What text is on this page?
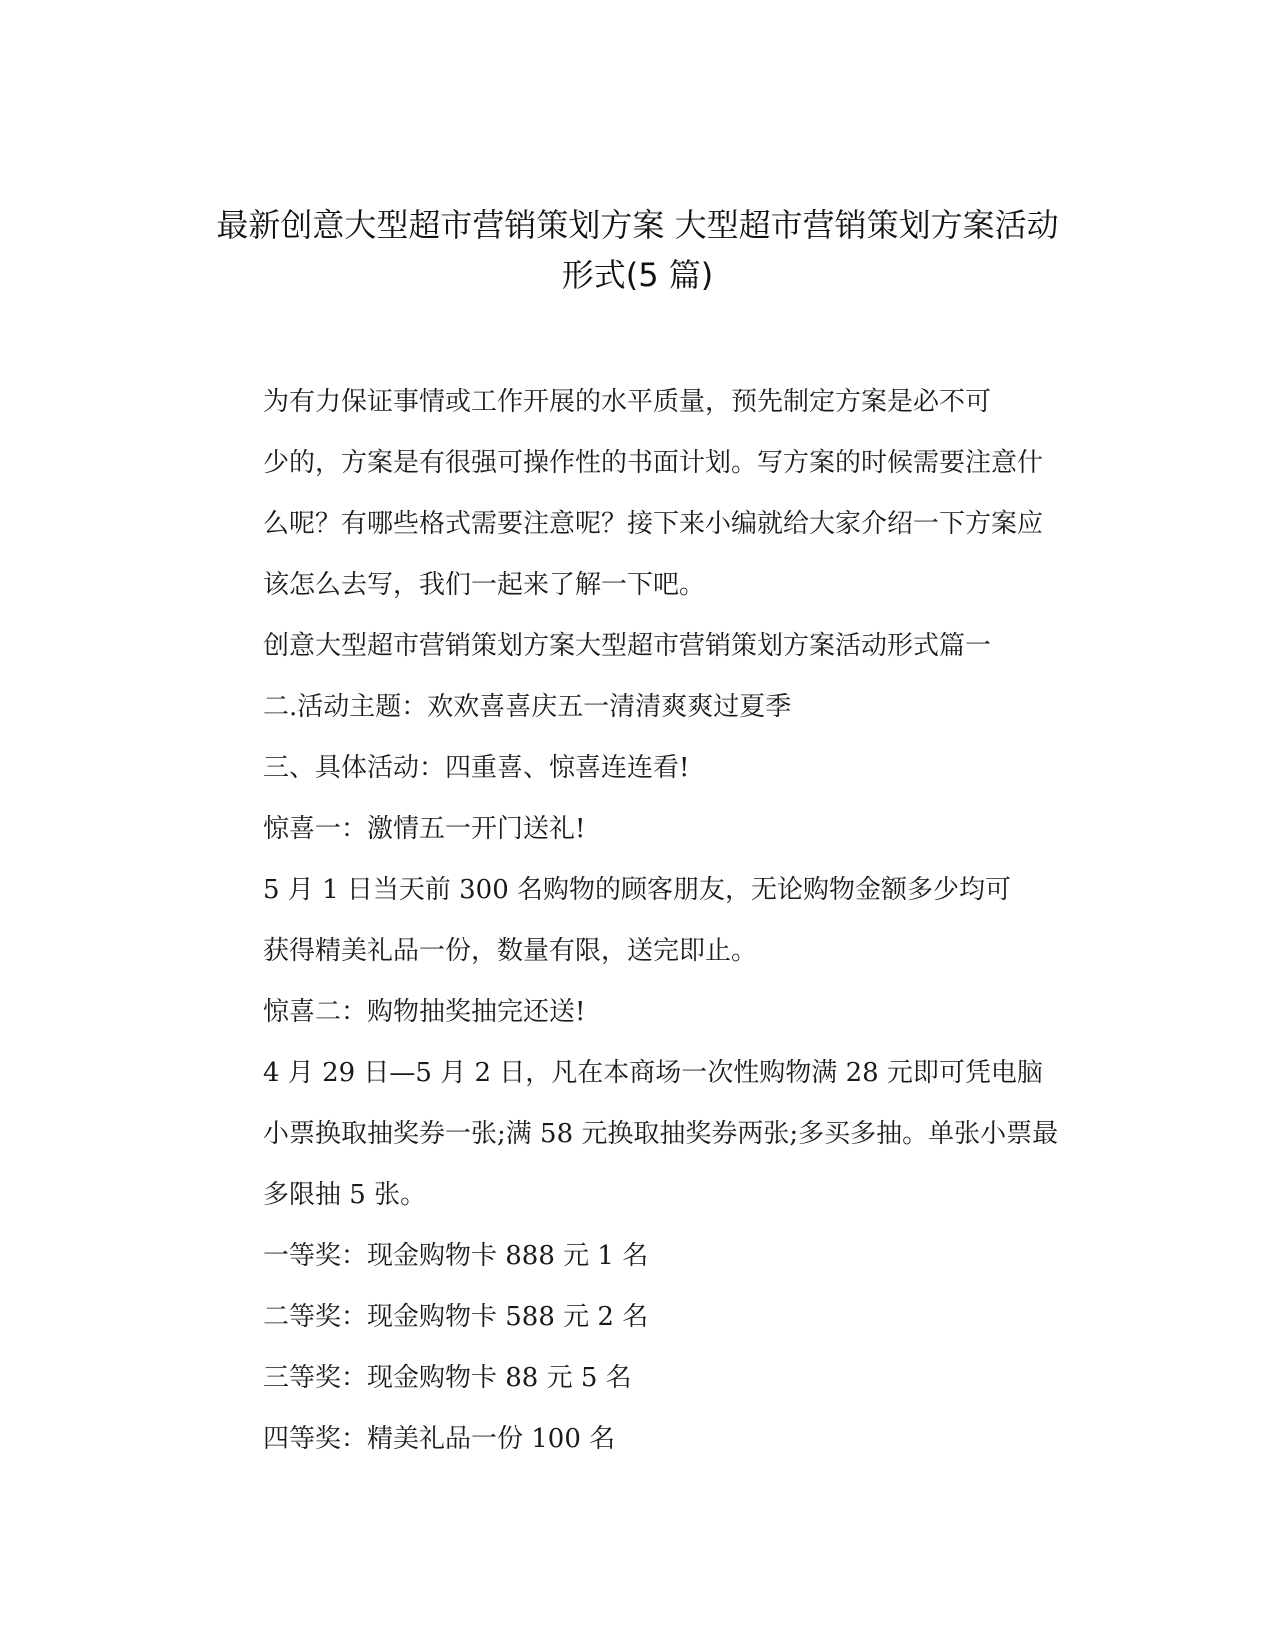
最新创意大型超市营销策划方案 大型超市营销策划方案活动
形式(5 篇)

为有力保证事情或工作开展的水平质量，预先制定方案是必不可
少的，方案是有很强可操作性的书面计划。写方案的时候需要注意什
么呢？有哪些格式需要注意呢？接下来小编就给大家介绍一下方案应
该怎么去写，我们一起来了解一下吧。

创意大型超市营销策划方案大型超市营销策划方案活动形式篇一

二.活动主题：欢欢喜喜庆五一清清爽爽过夏季

三、具体活动：四重喜、惊喜连连看!

惊喜一：激情五一开门送礼!

5 月 1 日当天前 300 名购物的顾客朋友，无论购物金额多少均可
获得精美礼品一份，数量有限，送完即止。

惊喜二：购物抽奖抽完还送!

4 月 29 日—5 月 2 日，凡在本商场一次性购物满 28 元即可凭电脑
小票换取抽奖券一张;满 58 元换取抽奖券两张;多买多抽。单张小票最
多限抽 5 张。

一等奖：现金购物卡 888 元 1 名

二等奖：现金购物卡 588 元 2 名

三等奖：现金购物卡 88 元 5 名

四等奖：精美礼品一份 100 名
